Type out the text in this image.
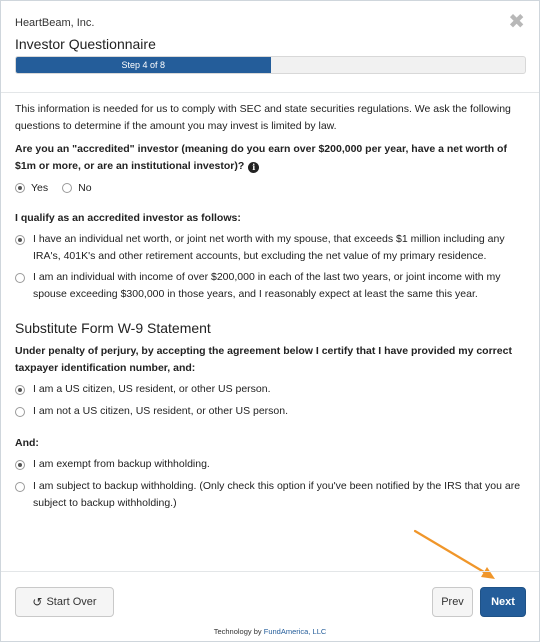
HeartBeam, Inc.
Investor Questionnaire
✖
Step 4 of 8

This information is needed for us to comply with SEC and state securities regulations. We ask the following questions to determine if the amount you may invest is limited by law.

Are you an "accredited" investor (meaning do you earn over $200,000 per year, have a net worth of $1m or more, or are an institutional investor)? i
Yes	No
I qualify as an accredited investor as follows:
I have an individual net worth, or joint net worth with my spouse, that exceeds $1 million including any IRA's, 401K's and other retirement accounts, but excluding the net value of my primary residence.
I am an individual with income of over $200,000 in each of the last two years, or joint income with my spouse exceeding $300,000 in those years, and I reasonably expect at least the same this year.
Substitute Form W-9 Statement
Under penalty of perjury, by accepting the agreement below I certify that I have provided my correct taxpayer identification number, and:
I am a US citizen, US resident, or other US person.
I am not a US citizen, US resident, or other US person.
And:
I am exempt from backup withholding.
I am subject to backup withholding. (Only check this option if you've been notified by the IRS that you are subject to backup withholding.)
↺ Start Over	Prev	Next
Technology by FundAmerica, LLC
